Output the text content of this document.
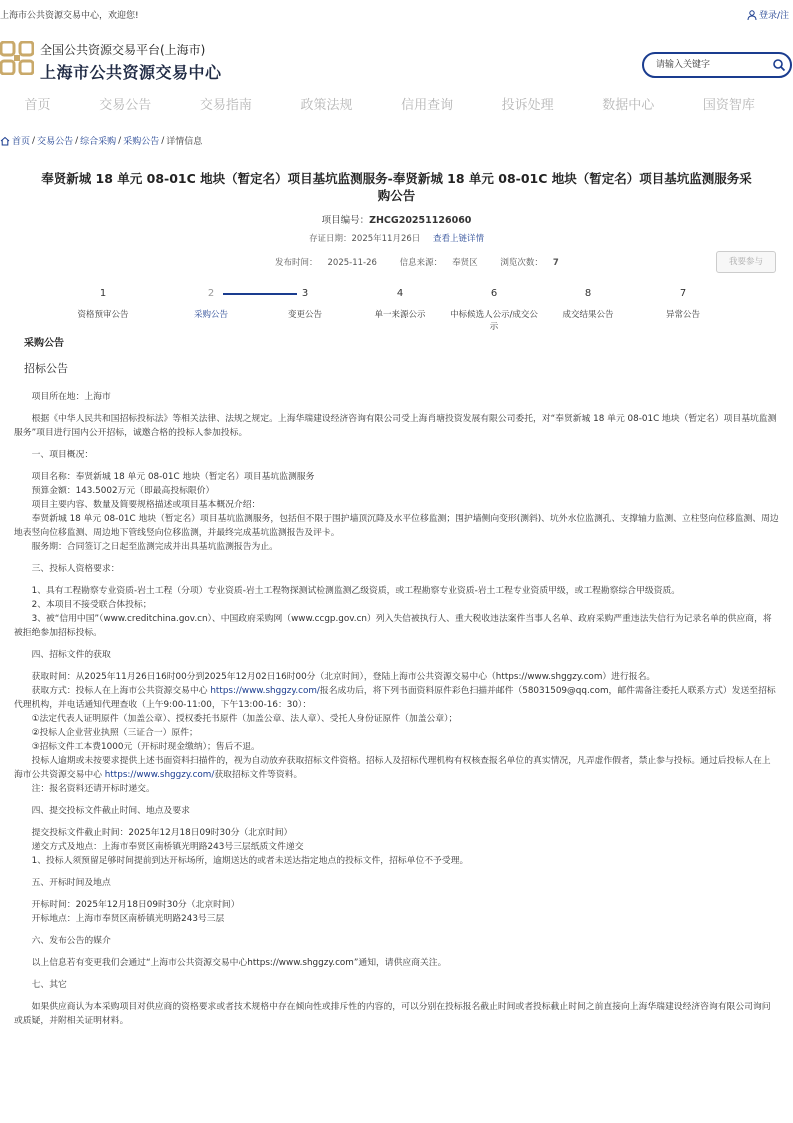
上海市公共资源交易中心，欢迎您!	登录/注
全国公共资源交易平台(上海市)
上海市公共资源交易中心
请输入关键字
首页	交易公告	交易指南	政策法规	信用查询	投诉处理	数据中心	国资智库
首页 / 交易公告 / 综合采购 / 采购公告 / 详情信息
奉贤新城 18 单元 08-01C 地块（暂定名）项目基坑监测服务-奉贤新城 18 单元 08-01C 地块（暂定名）项目基坑监测服务采购公告
项目编号：ZHCG20251126060
存证日期：2025年11月26日 查看上链详情
发布时间： 2025-11-26	信息来源： 奉贤区	浏览次数： 7	我要参与
1
资格预审公告
2
采购公告
3
变更公告
4
单一来源公示
6
中标候选人公示/成交公示
8
成交结果公告
7
异常公告
采购公告
招标公告

项目所在地：上海市

根据《中华人民共和国招标投标法》等相关法律、法规之规定。上海华瑞建设经济咨询有限公司受上海肖塘投资发展有限公司委托，对“奉贤新城 18 单元 08-01C 地块（暂定名）项目基坑监测服务”项目进行国内公开招标，诚邀合格的投标人参加投标。

一、项目概况：

项目名称：奉贤新城 18 单元 08-01C 地块（暂定名）项目基坑监测服务

预算金额：143.5002万元（即最高投标限价）

项目主要内容、数量及简要规格描述或项目基本概况介绍：

奉贤新城 18 单元 08-01C 地块（暂定名）项目基坑监测服务，包括但不限于围护墙顶沉降及水平位移监测；围护墙侧向变形(测斜)、坑外水位监测孔、支撑轴力监测、立柱竖向位移监测、周边地表竖向位移监测、周边地下管线竖向位移监测，并最终完成基坑监测报告及评卡。

服务期：合同签订之日起至监测完成并出具基坑监测报告为止。

三、投标人资格要求：

1、具有工程勘察专业资质-岩土工程（分项）专业资质-岩土工程物探测试检测监测乙级资质，或工程勘察专业资质-岩土工程专业资质甲级，或工程勘察综合甲级资质。

2、本项目不接受联合体投标；

3、被“信用中国”（www.creditchina.gov.cn）、中国政府采购网（www.ccgp.gov.cn）列入失信被执行人、重大税收违法案件当事人名单、政府采购严重违法失信行为记录名单的供应商，将被拒绝参加招标投标。

四、招标文件的获取

获取时间：从2025年11月26日16时00分到2025年12月02日16时00分（北京时间），登陆上海市公共资源交易中心（https://www.shggzy.com）进行报名。

获取方式：投标人在上海市公共资源交易中心 https://www.shggzy.com/报名成功后，将下列书面资料原件彩色扫描并邮件（58031509@qq.com，邮件需备注委托人联系方式）发送至招标代理机构，并电话通知代理查收（上午9:00-11:00，下午13:00-16：30）：

①法定代表人证明原件（加盖公章）、授权委托书原件（加盖公章、法人章）、受托人身份证原件（加盖公章）；

②投标人企业营业执照（三证合一）原件；

③招标文件工本费1000元（开标时现金缴纳）；售后不退。

投标人逾期或未按要求提供上述书面资料扫描件的，视为自动放弃获取招标文件资格。招标人及招标代理机构有权核查报名单位的真实情况，凡弄虚作假者，禁止参与投标。通过后投标人在上海市公共资源交易中心 https://www.shggzy.com/获取招标文件等资料。

注：报名资料还请开标时递交。

四、提交投标文件截止时间、地点及要求

提交投标文件截止时间：2025年12月18日09时30分（北京时间）

递交方式及地点：上海市奉贤区南桥镇光明路243号三层纸质文件递交

1、投标人须预留足够时间提前到达开标场所，逾期送达的或者未送达指定地点的投标文件，招标单位不予受理。

五、开标时间及地点

开标时间：2025年12月18日09时30分（北京时间）

开标地点：上海市奉贤区南桥镇光明路243号三层

六、发布公告的媒介

以上信息若有变更我们会通过“上海市公共资源交易中心https://www.shggzy.com”通知，请供应商关注。

七、其它

如果供应商认为本采购项目对供应商的资格要求或者技术规格中存在倾向性或排斥性的内容的，可以分别在投标报名截止时间或者投标截止时间之前直接向上海华瑞建设经济咨询有限公司询问或质疑，并附相关证明材料。
